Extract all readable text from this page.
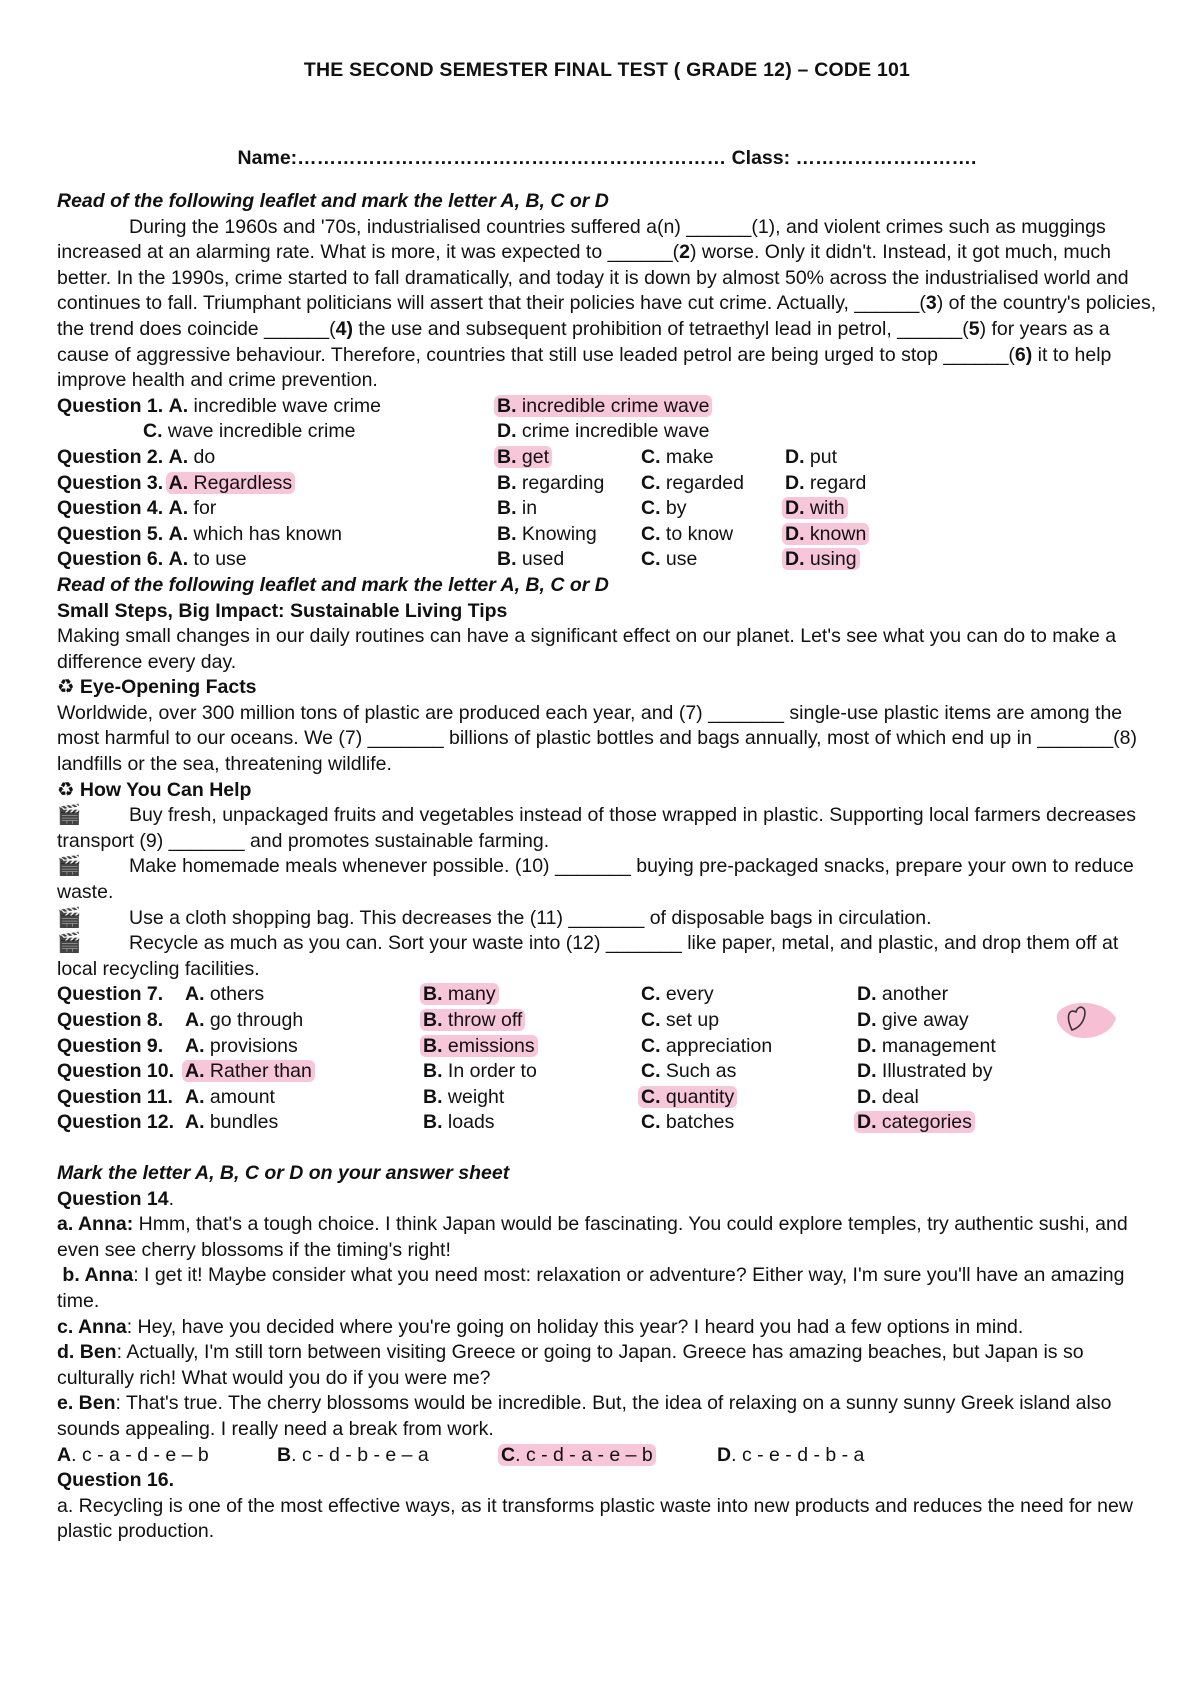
THE SECOND SEMESTER FINAL TEST ( GRADE 12) – CODE 101
Name:………………………………………………………… Class: ……………………….

Read of the following leaflet and mark the letter A, B, C or D

During the 1960s and '70s, industrialised countries suffered a(n) ______(1), and violent crimes such as muggings increased at an alarming rate. What is more, it was expected to ______(2) worse. Only it didn't. Instead, it got much, much better. In the 1990s, crime started to fall dramatically, and today it is down by almost 50% across the industrialised world and continues to fall. Triumphant politicians will assert that their policies have cut crime. Actually, ______(3) of the country's policies, the trend does coincide ______(4) the use and subsequent prohibition of tetraethyl lead in petrol, ______(5) for years as a cause of aggressive behaviour. Therefore, countries that still use leaded petrol are being urged to stop ______(6) it to help improve health and crime prevention.

Question 1. A. incredible wave crime	B. incredible crime wave
C. wave incredible crime	D. crime incredible wave
Question 2. A. do	B. get	C. make	D. put
Question 3. A. Regardless	B. regarding C. regarded D. regard
Question 4. A. for	B. in	C. by	D. with
Question 5. A. which has known	B. Knowing C. to know	D. known
Question 6. A. to use	B. used	C. use	D. using

Read of the following leaflet and mark the letter A, B, C or D

Small Steps, Big Impact: Sustainable Living Tips

Making small changes in our daily routines can have a significant effect on our planet. Let's see what you can do to make a difference every day.

♻ Eye-Opening Facts

Worldwide, over 300 million tons of plastic are produced each year, and (7) _______ single-use plastic items are among the most harmful to our oceans. We (7) _______ billions of plastic bottles and bags annually, most of which end up in _______(8) landfills or the sea, threatening wildlife.

♻ How You Can Help

🎬 Buy fresh, unpackaged fruits and vegetables instead of those wrapped in plastic. Supporting local farmers decreases transport (9) _______ and promotes sustainable farming.

🎬 Make homemade meals whenever possible. (10) _______ buying pre-packaged snacks, prepare your own to reduce waste.

🎬 Use a cloth shopping bag. This decreases the (11) _______ of disposable bags in circulation.

🎬 Recycle as much as you can. Sort your waste into (12) _______ like paper, metal, and plastic, and drop them off at local recycling facilities.

Question 7. A. others	B. many	C. every	D. another
Question 8. A. go through	B. throw off	C. set up	D. give away
Question 9. A. provisions	B. emissions	C. appreciation	D. management
Question 10. A. Rather than	B. In order to	C. Such as	D. Illustrated by
Question 11. A. amount	B. weight	C. quantity	D. deal
Question 12. A. bundles	B. loads	C. batches	D. categories

Mark the letter A, B, C or D on your answer sheet

Question 14.

a. Anna: Hmm, that's a tough choice. I think Japan would be fascinating. You could explore temples, try authentic sushi, and even see cherry blossoms if the timing's right!

b. Anna: I get it! Maybe consider what you need most: relaxation or adventure? Either way, I'm sure you'll have an amazing time.

c. Anna: Hey, have you decided where you're going on holiday this year? I heard you had a few options in mind.

d. Ben: Actually, I'm still torn between visiting Greece or going to Japan. Greece has amazing beaches, but Japan is so culturally rich! What would you do if you were me?

e. Ben: That's true. The cherry blossoms would be incredible. But, the idea of relaxing on a sunny sunny Greek island also sounds appealing. I really need a break from work.

A. c - a - d - e – b	B. c - d - b - e – a	C. c - d - a - e – b	D. c - e - d - b - a

Question 16.

a. Recycling is one of the most effective ways, as it transforms plastic waste into new products and reduces the need for new plastic production.
